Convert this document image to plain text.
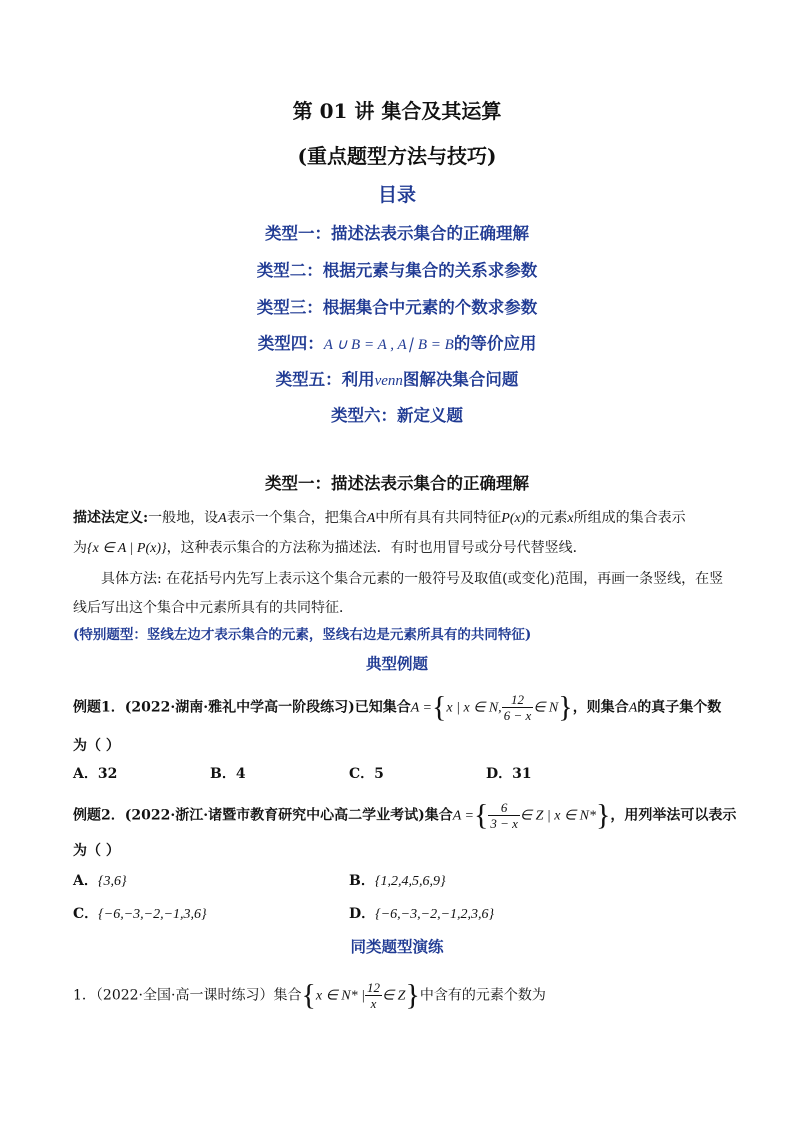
第 01 讲 集合及其运算
(重点题型方法与技巧)
目录
类型一：描述法表示集合的正确理解
类型二：根据元素与集合的关系求参数
类型三：根据集合中元素的个数求参数
类型四：A ∪ B = A , A∣ B = B的等价应用
类型五：利用venn图解决集合问题
类型六：新定义题
类型一：描述法表示集合的正确理解
描述法定义:一般地，设A表示一个集合，把集合A中所有具有共同特征P(x)的元素x所组成的集合表示
为{x ∈ A | P(x)}，这种表示集合的方法称为描述法．有时也用冒号或分号代替竖线．
具体方法: 在花括号内先写上表示这个集合元素的一般符号及取值(或变化)范围，再画一条竖线，在竖
线后写出这个集合中元素所具有的共同特征．
(特别题型：竖线左边才表示集合的元素，竖线右边是元素所具有的共同特征)
典型例题
例题1．(2022·湖南·雅礼中学高一阶段练习)已知集合A ={x | x ∈ N, $\frac{12}{6 - x}$ ∈ N}，则集合A的真子集个数
为（ ）
A．32	B．4	C．5	D．31
例题2．(2022·浙江·诸暨市教育研究中心高二学业考试)集合A ={ $\frac{6}{3 - x}$ ∈ Z | x ∈ N*}，用列举法可以表示
为（ ）
A．{3,6}	B．{1,2,4,5,6,9}
C．{−6,−3,−2,−1,3,6}	D．{−6,−3,−2,−1,2,3,6}
同类题型演练
1．（2022·全国·高一课时练习）集合{x ∈ N* | $\frac{12}{x}$ ∈ Z}中含有的元素个数为
